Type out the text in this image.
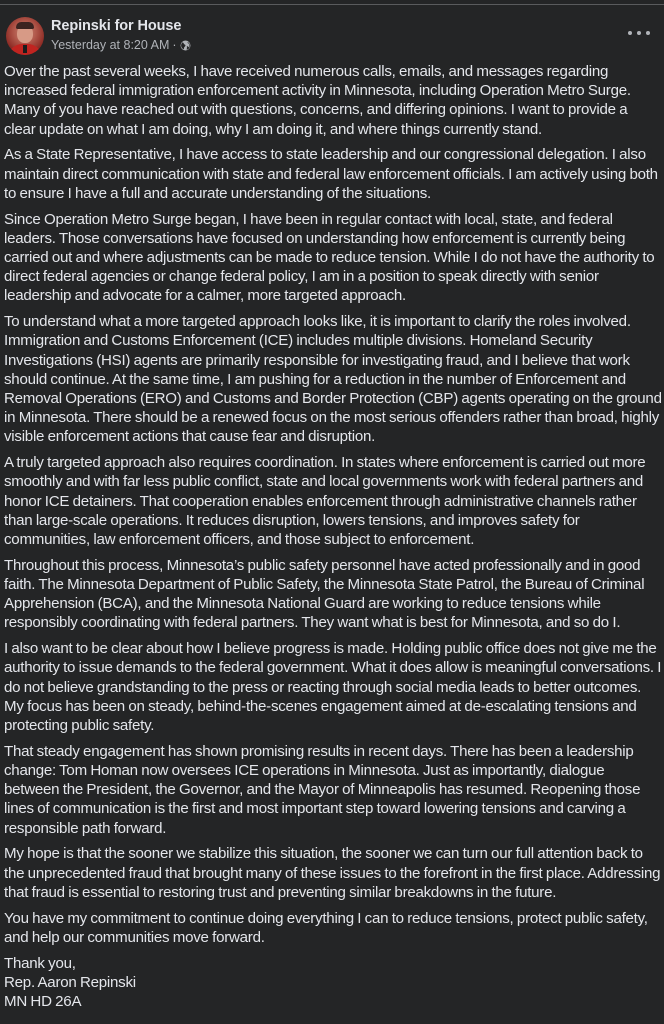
Repinski for House
Yesterday at 8:20 AM ·

Over the past several weeks, I have received numerous calls, emails, and messages regarding increased federal immigration enforcement activity in Minnesota, including Operation Metro Surge. Many of you have reached out with questions, concerns, and differing opinions. I want to provide a clear update on what I am doing, why I am doing it, and where things currently stand.

As a State Representative, I have access to state leadership and our congressional delegation. I also maintain direct communication with state and federal law enforcement officials. I am actively using both to ensure I have a full and accurate understanding of the situations.

Since Operation Metro Surge began, I have been in regular contact with local, state, and federal leaders. Those conversations have focused on understanding how enforcement is currently being carried out and where adjustments can be made to reduce tension. While I do not have the authority to direct federal agencies or change federal policy, I am in a position to speak directly with senior leadership and advocate for a calmer, more targeted approach.

To understand what a more targeted approach looks like, it is important to clarify the roles involved. Immigration and Customs Enforcement (ICE) includes multiple divisions. Homeland Security Investigations (HSI) agents are primarily responsible for investigating fraud, and I believe that work should continue. At the same time, I am pushing for a reduction in the number of Enforcement and Removal Operations (ERO) and Customs and Border Protection (CBP) agents operating on the ground in Minnesota. There should be a renewed focus on the most serious offenders rather than broad, highly visible enforcement actions that cause fear and disruption.

A truly targeted approach also requires coordination. In states where enforcement is carried out more smoothly and with far less public conflict, state and local governments work with federal partners and honor ICE detainers. That cooperation enables enforcement through administrative channels rather than large-scale operations. It reduces disruption, lowers tensions, and improves safety for communities, law enforcement officers, and those subject to enforcement.

Throughout this process, Minnesota’s public safety personnel have acted professionally and in good faith. The Minnesota Department of Public Safety, the Minnesota State Patrol, the Bureau of Criminal Apprehension (BCA), and the Minnesota National Guard are working to reduce tensions while responsibly coordinating with federal partners. They want what is best for Minnesota, and so do I.

I also want to be clear about how I believe progress is made. Holding public office does not give me the authority to issue demands to the federal government. What it does allow is meaningful conversations. I do not believe grandstanding to the press or reacting through social media leads to better outcomes. My focus has been on steady, behind-the-scenes engagement aimed at de-escalating tensions and protecting public safety.

That steady engagement has shown promising results in recent days. There has been a leadership change: Tom Homan now oversees ICE operations in Minnesota. Just as importantly, dialogue between the President, the Governor, and the Mayor of Minneapolis has resumed. Reopening those lines of communication is the first and most important step toward lowering tensions and carving a responsible path forward.

My hope is that the sooner we stabilize this situation, the sooner we can turn our full attention back to the unprecedented fraud that brought many of these issues to the forefront in the first place. Addressing that fraud is essential to restoring trust and preventing similar breakdowns in the future.

You have my commitment to continue doing everything I can to reduce tensions, protect public safety, and help our communities move forward.

Thank you,
Rep. Aaron Repinski
MN HD 26A
